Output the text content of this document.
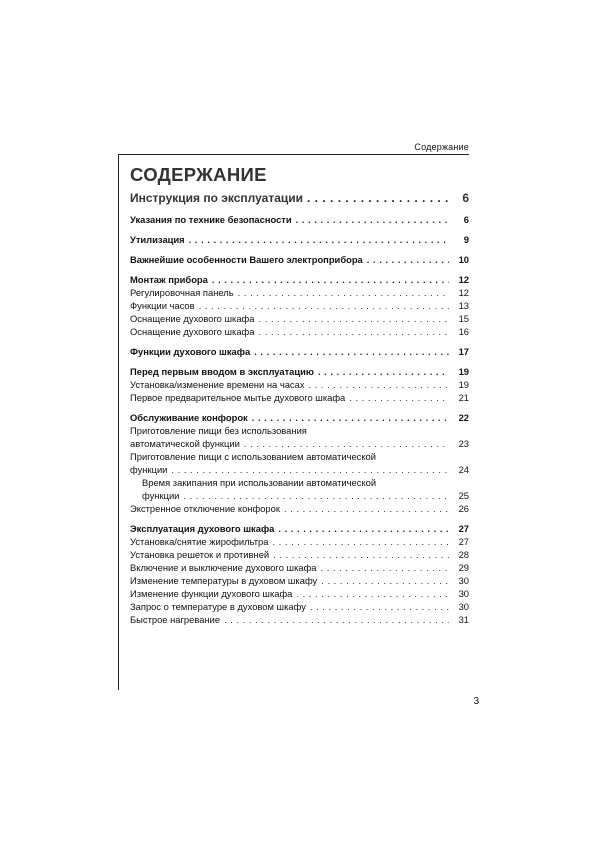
Содержание
СОДЕРЖАНИЕ
Инструкция по эксплуатации . . .	6
Указания по технике безопасности . . .	6
Утилизация . . .	9
Важнейшие особенности Вашего электроприбора . . .	10
Монтаж прибора . . .	12
Регулировочная панель . . .	12
Функции часов . . .	13
Оснащение духового шкафа . . .	15
Оснащение духового шкафа . . .	16
Функции духового шкафа . . .	17
Перед первым вводом в эксплуатацию . . .	19
Установка/изменение времени на часах . . .	19
Первое предварительное мытье духового шкафа . . .	21
Обслуживание конфорок . . .	22
Приготовление пищи без использования
автоматической функции . . .	23
Приготовление пищи с использованием автоматической
функции . . .	24
Время закипания при использовании автоматической
функции . . .	25
Экстренное отключение конфорок . . .	26
Эксплуатация духового шкафа . . .	27
Установка/снятие жирофильтра . . .	27
Установка решеток и противней . . .	28
Включение и выключение духового шкафа . . .	29
Изменение температуры в духовом шкафу . . .	30
Изменение функции духового шкафа . . .	30
Запрос о температуре в духовом шкафу . . .	30
Быстрое нагревание . . .	31
3
